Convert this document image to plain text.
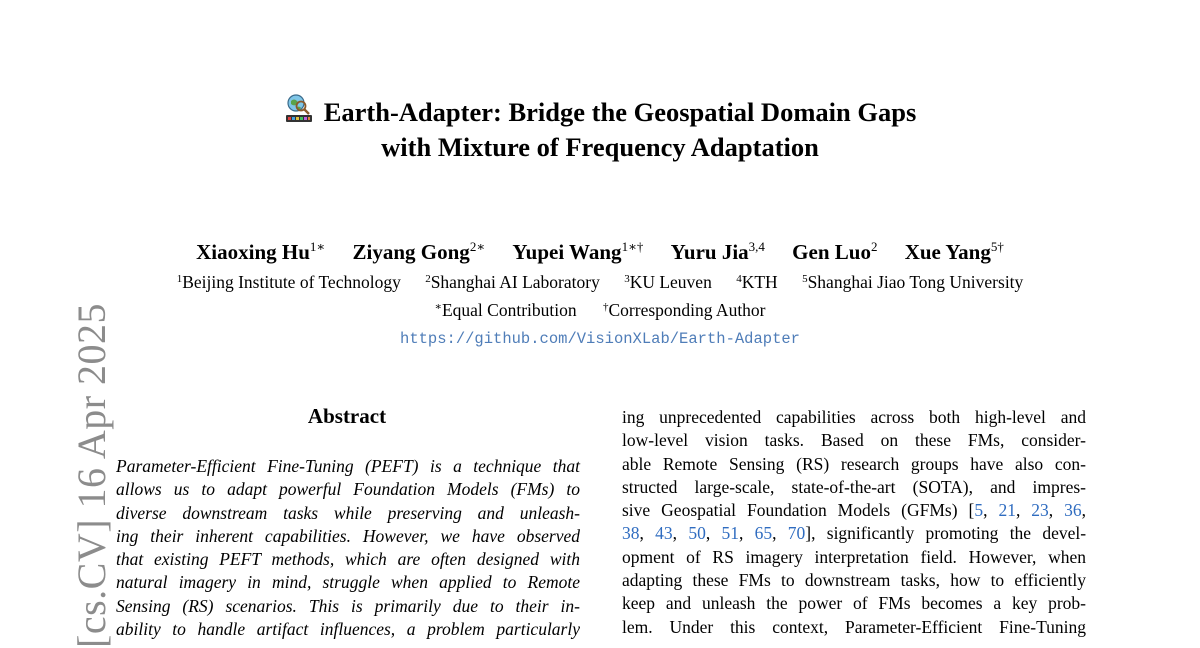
[cs.CV] 16 Apr 2025
Earth-Adapter: Bridge the Geospatial Domain Gaps
with Mixture of Frequency Adaptation
Xiaoxing $Hu^{1∗}$ Ziyang Gong$^{2∗}$ Yupei Wang$^{1∗\dagger}$ Yuru Jia$^{3,4}$ Gen Luo$^2$ Xue Yang$^{5\dagger}$
$^1$Beijing Institute of Technology $^2$Shanghai AI Laboratory $^3$KU Leuven $^4$KTH $^5$Shanghai Jiao Tong University
∗Equal Contribution †Corresponding Author
https://github.com/VisionXLab/Earth-Adapter
Abstract
Parameter-Efficient Fine-Tuning (PEFT) is a technique that
allows us to adapt powerful Foundation Models (FMs) to
diverse downstream tasks while preserving and unleash-
ing their inherent capabilities. However, we have observed
that existing PEFT methods, which are often designed with
natural imagery in mind, struggle when applied to Remote
Sensing (RS) scenarios. This is primarily due to their in-
ability to handle artifact influences, a problem particularly
ing unprecedented capabilities across both high-level and
low-level vision tasks. Based on these FMs, consider-
able Remote Sensing (RS) research groups have also con-
structed large-scale, state-of-the-art (SOTA), and impres-
sive Geospatial Foundation Models (GFMs) [5, 21, 23, 36,
38, 43, 50, 51, 65, 70], significantly promoting the devel-
opment of RS imagery interpretation field. However, when
adapting these FMs to downstream tasks, how to efficiently
keep and unleash the power of FMs becomes a key prob-
lem. Under this context, Parameter-Efficient Fine-Tuning
